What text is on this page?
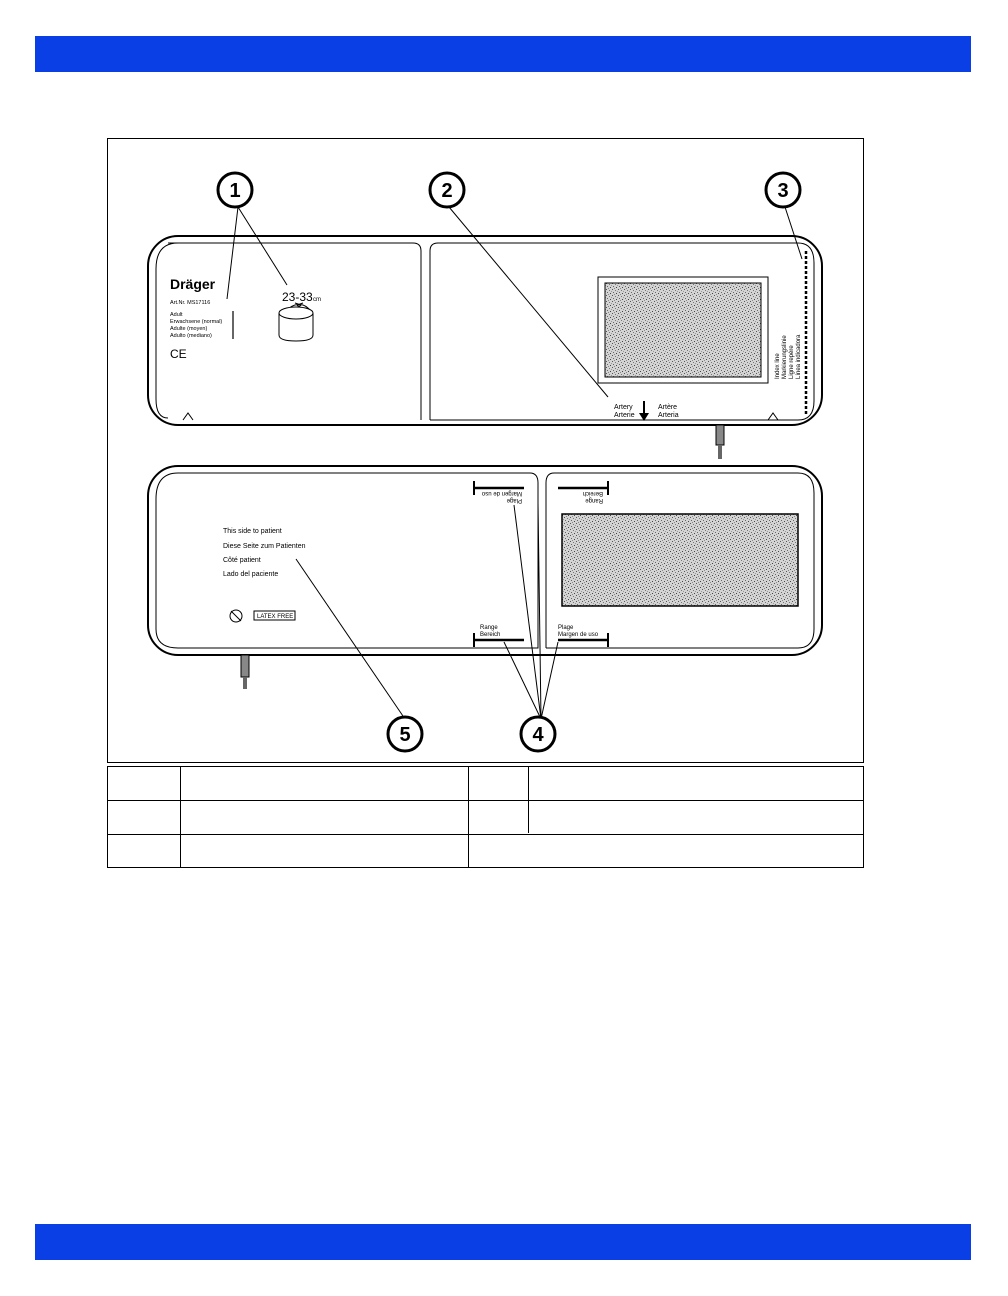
Dräger
Art.Nr. MS17116
Adult
Erwachsene (normal)
Adulte (moyen)
Adulto (mediano)
CE
23-33 cm
Index line Markierungslinie Ligne repère Línea indicadora
Artery
Arterie
Artère
Arteria
This side to patient
Diese Seite zum Patienten
Côté patient
Lado del paciente
LATEX FREE
Plage
Margen de uso
Range
Bereich
Range
Bereich
Plage
Margen de uso
1	2	3
4
5
